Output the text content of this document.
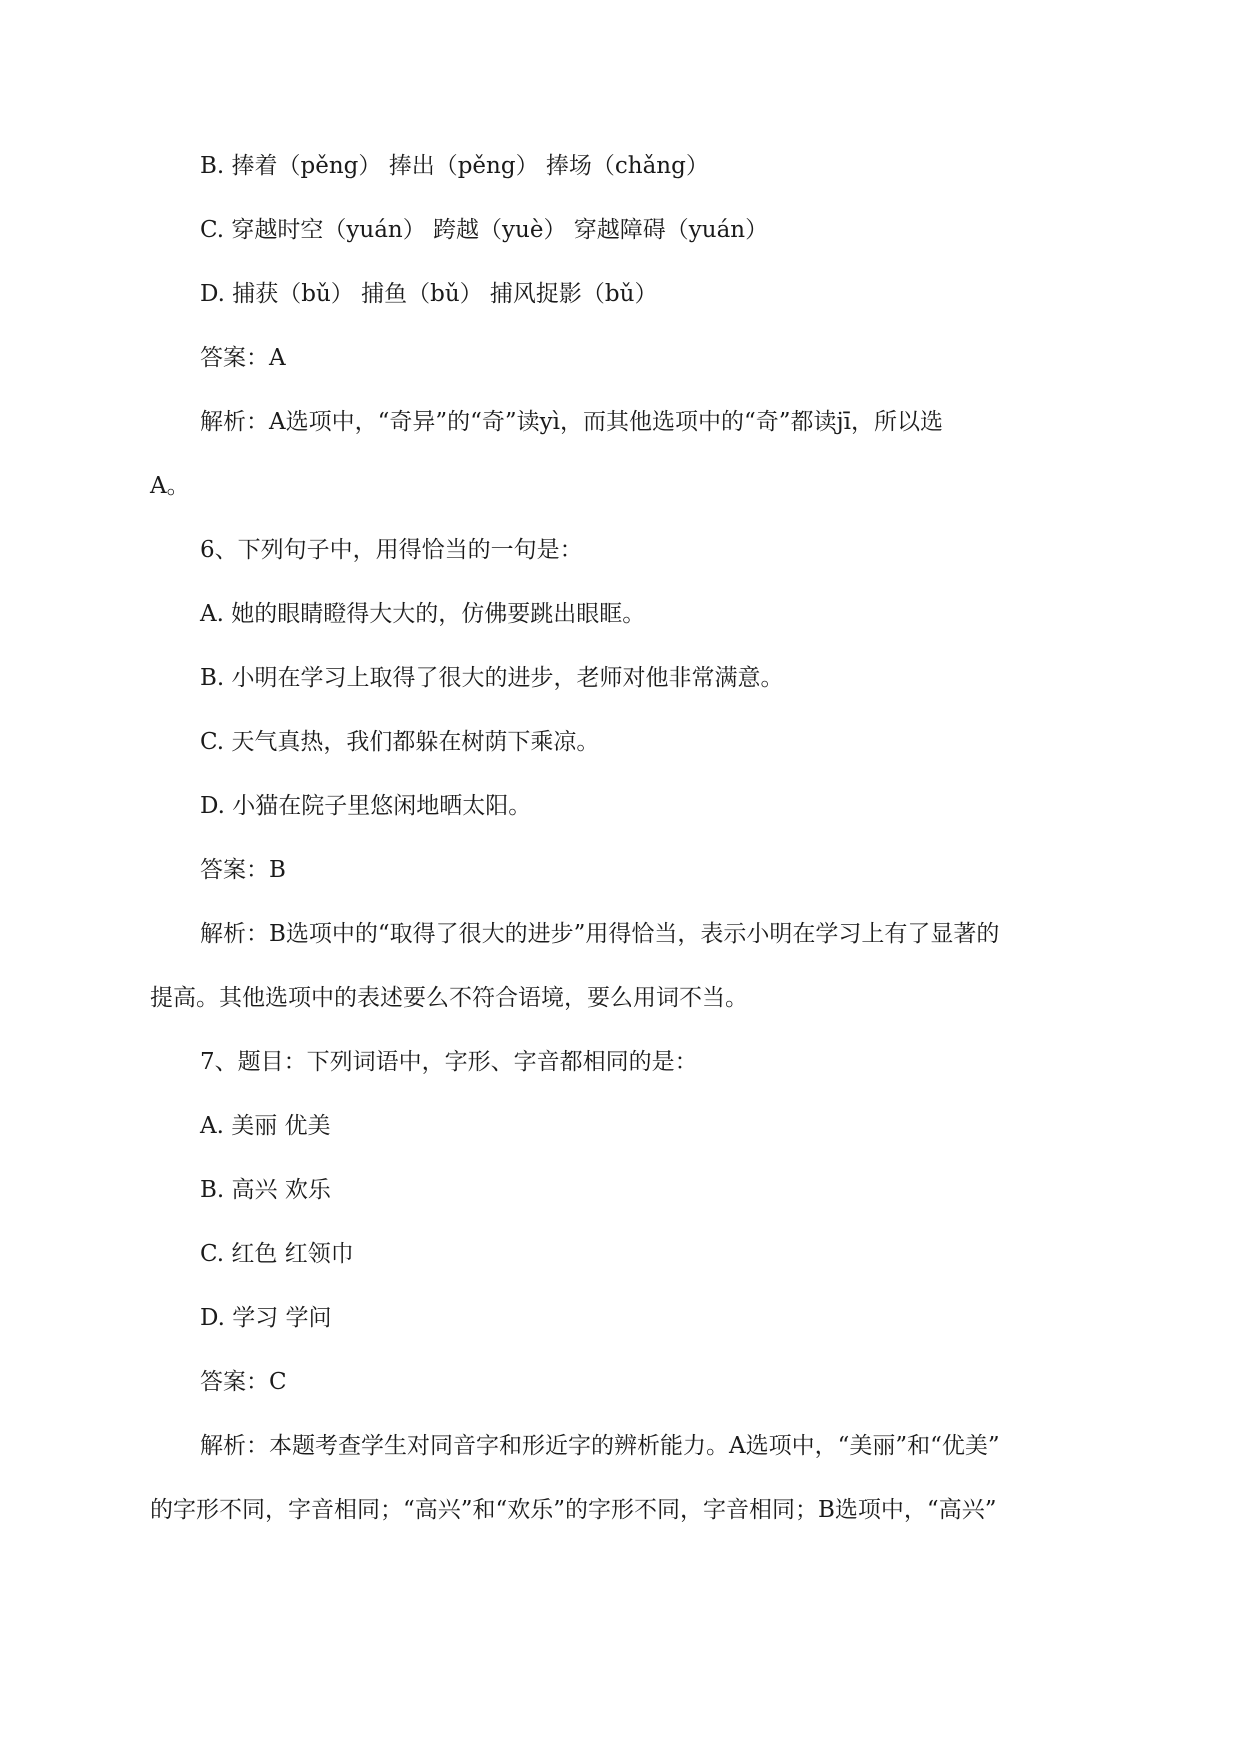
B. 捧着（pěng） 捧出（pěng） 捧场（chǎng）

C. 穿越时空（yuán） 跨越（yuè） 穿越障碍（yuán）

D. 捕获（bǔ） 捕鱼（bǔ） 捕风捉影（bǔ）

答案：A

解析：A选项中，“奇异”的“奇”读yì，而其他选项中的“奇”都读jī，所以选

A。

6、下列句子中，用得恰当的一句是：

A. 她的眼睛瞪得大大的，仿佛要跳出眼眶。

B. 小明在学习上取得了很大的进步，老师对他非常满意。

C. 天气真热，我们都躲在树荫下乘凉。

D. 小猫在院子里悠闲地晒太阳。

答案：B

解析：B选项中的“取得了很大的进步”用得恰当，表示小明在学习上有了显著的

提高。其他选项中的表述要么不符合语境，要么用词不当。

7、题目：下列词语中，字形、字音都相同的是：

A. 美丽 优美

B. 高兴 欢乐

C. 红色 红领巾

D. 学习 学问

答案：C

解析：本题考查学生对同音字和形近字的辨析能力。A选项中，“美丽”和“优美”

的字形不同，字音相同；“高兴”和“欢乐”的字形不同，字音相同；B选项中，“高兴”
